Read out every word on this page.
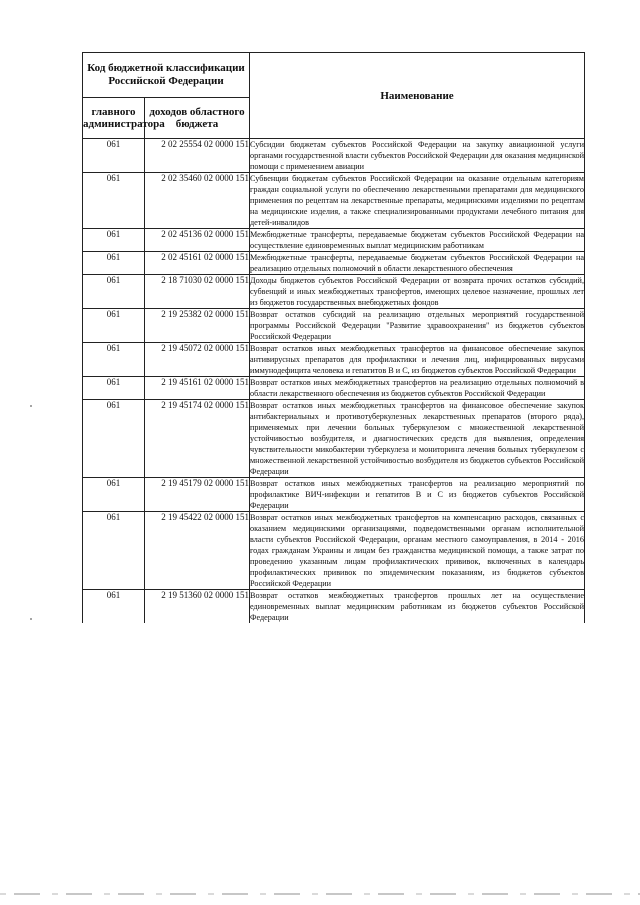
Код бюджетной классификации Российской Федерации		Наименование
главного администратора	доходов областного бюджета	
061	2 02 25554 02 0000 151	Субсидии бюджетам субъектов Российской Федерации на закупку авиационной услуги органами государственной власти субъектов Российской Федерации для оказания медицинской помощи с применением авиации
061	2 02 35460 02 0000 151	Субвенции бюджетам субъектов Российской Федерации на оказание отдельным категориям граждан социальной услуги по обеспечению лекарственными препаратами для медицинского применения по рецептам на лекарственные препараты, медицинскими изделиями по рецептам на медицинские изделия, а также специализированными продуктами лечебного питания для детей-инвалидов
061	2 02 45136 02 0000 151	Межбюджетные трансферты, передаваемые бюджетам субъектов Российской Федерации на осуществление единовременных выплат медицинским работникам
061	2 02 45161 02 0000 151	Межбюджетные трансферты, передаваемые бюджетам субъектов Российской Федерации на реализацию отдельных полномочий в области лекарственного обеспечения
061	2 18 71030 02 0000 151	Доходы бюджетов субъектов Российской Федерации от возврата прочих остатков субсидий, субвенций и иных межбюджетных трансфертов, имеющих целевое назначение, прошлых лет из бюджетов государственных внебюджетных фондов
061	2 19 25382 02 0000 151	Возврат остатков субсидий на реализацию отдельных мероприятий государственной программы Российской Федерации "Развитие здравоохранения" из бюджетов субъектов Российской Федерации
061	2 19 45072 02 0000 151	Возврат остатков иных межбюджетных трансфертов на финансовое обеспечение закупок антивирусных препаратов для профилактики и лечения лиц, инфицированных вирусами иммунодефицита человека и гепатитов В и С, из бюджетов субъектов Российской Федерации
061	2 19 45161 02 0000 151	Возврат остатков иных межбюджетных трансфертов на реализацию отдельных полномочий в области лекарственного обеспечения из бюджетов субъектов Российской Федерации
061	2 19 45174 02 0000 151	Возврат остатков иных межбюджетных трансфертов на финансовое обеспечение закупок антибактериальных и противотуберкулезных лекарственных препаратов (второго ряда), применяемых при лечении больных туберкулезом с множественной лекарственной устойчивостью возбудителя, и диагностических средств для выявления, определения чувствительности микобактерии туберкулеза и мониторинга лечения больных туберкулезом с множественной лекарственной устойчивостью возбудителя из бюджетов субъектов Российской Федерации
061	2 19 45179 02 0000 151	Возврат остатков иных межбюджетных трансфертов на реализацию мероприятий по профилактике ВИЧ-инфекции и гепатитов В и С из бюджетов субъектов Российской Федерации
061	2 19 45422 02 0000 151	Возврат остатков иных межбюджетных трансфертов на компенсацию расходов, связанных с оказанием медицинскими организациями, подведомственными органам исполнительной власти субъектов Российской Федерации, органам местного самоуправления, в 2014 - 2016 годах гражданам Украины и лицам без гражданства медицинской помощи, а также затрат по проведению указанным лицам профилактических прививок, включенных в календарь профилактических прививок по эпидемическим показаниям, из бюджетов субъектов Российской Федерации
061	2 19 51360 02 0000 151	Возврат остатков межбюджетных трансфертов прошлых лет на осуществление единовременных выплат медицинским работникам из бюджетов субъектов Российской Федерации
